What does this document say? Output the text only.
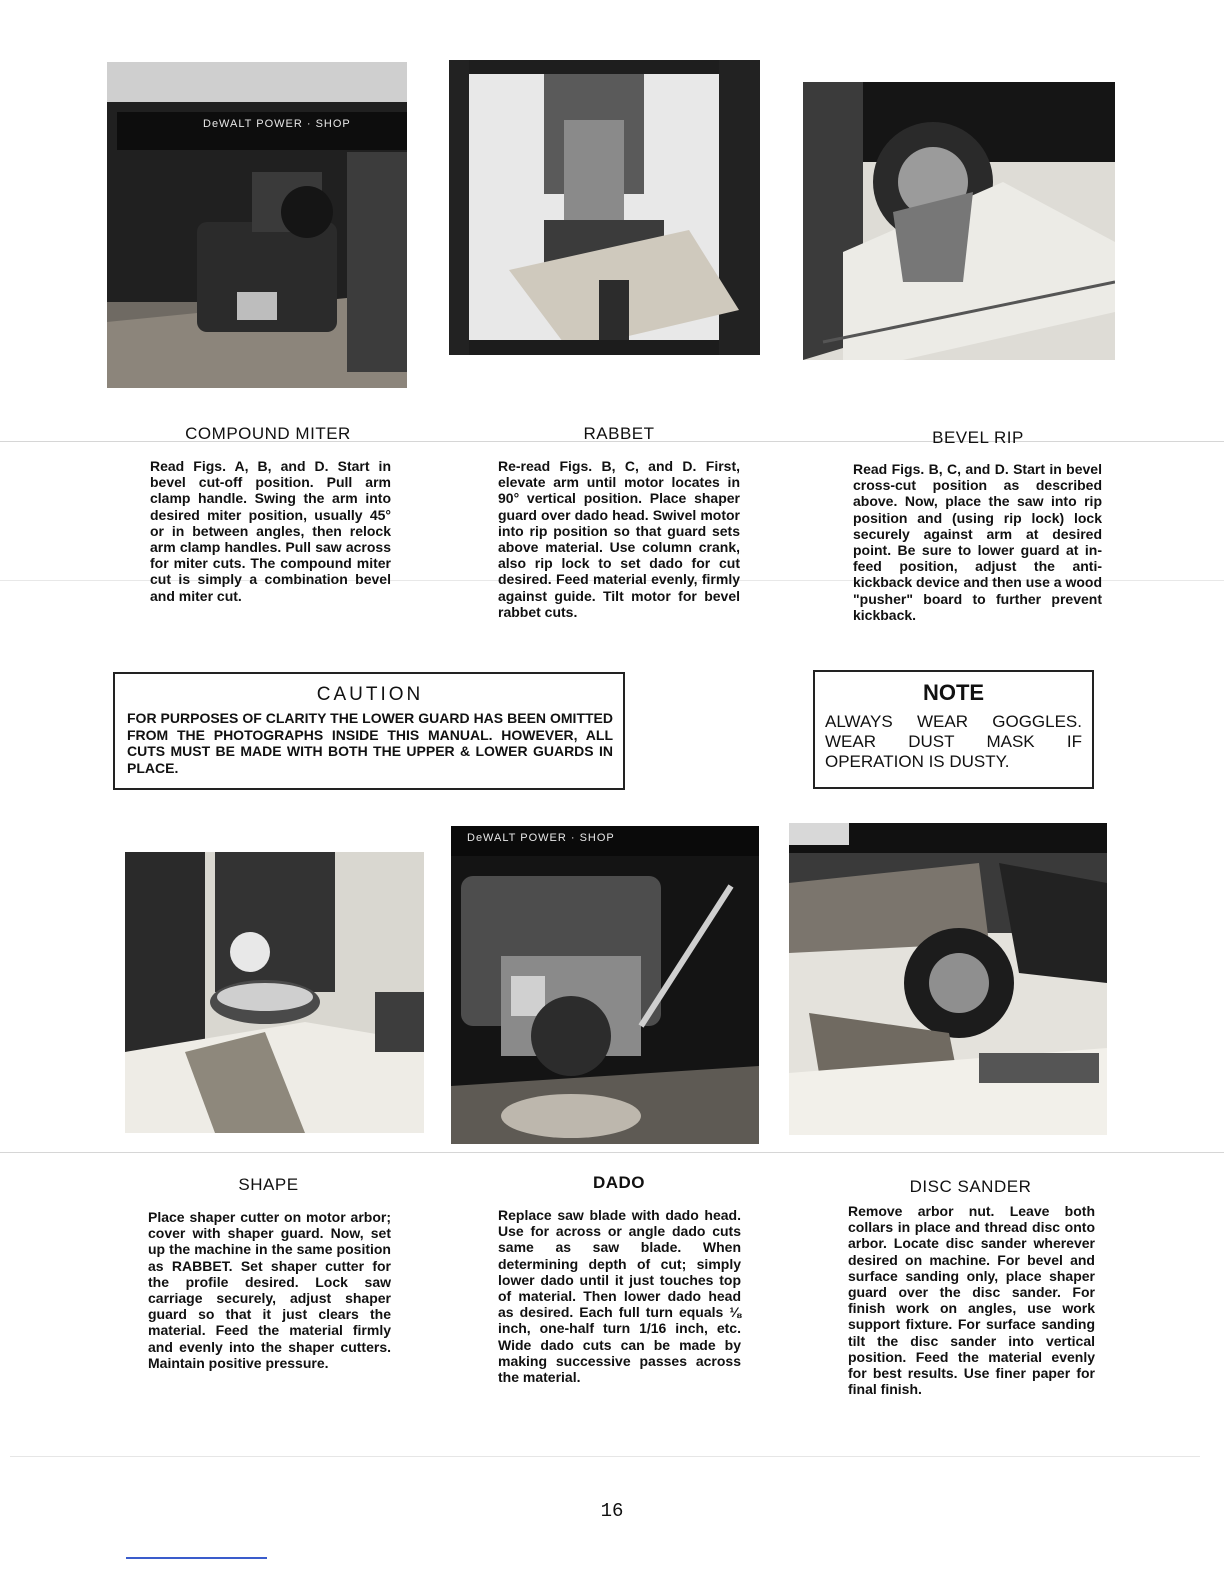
DeWALT POWER · SHOP
COMPOUND MITER

Read Figs. A, B, and D. Start in bevel cut-off position. Pull arm clamp handle. Swing the arm into desired miter position, usually 45° or in between angles, then relock arm clamp handles. Pull saw across for miter cuts. The compound miter cut is simply a combination bevel and miter cut.

RABBET

Re-read Figs. B, C, and D. First, elevate arm until motor locates in 90° vertical position. Place shaper guard over dado head. Swivel motor into rip position so that guard sets above material. Use column crank, also rip lock to set dado for cut desired. Feed material evenly, firmly against guide. Tilt motor for bevel rabbet cuts.

BEVEL RIP

Read Figs. B, C, and D. Start in bevel cross-cut position as described above. Now, place the saw into rip position and (using rip lock) lock securely against arm at desired point. Be sure to lower guard at in-feed position, adjust the anti-kickback device and then use a wood "pusher" board to further prevent kickback.

CAUTION

FOR PURPOSES OF CLARITY THE LOWER GUARD HAS BEEN OMITTED FROM THE PHOTOGRAPHS INSIDE THIS MANUAL. HOWEVER, ALL CUTS MUST BE MADE WITH BOTH THE UPPER & LOWER GUARDS IN PLACE.

NOTE

ALWAYS WEAR GOGGLES. WEAR DUST MASK IF OPERATION IS DUSTY.

DeWALT POWER · SHOP
SHAPE

Place shaper cutter on motor arbor; cover with shaper guard. Now, set up the machine in the same position as RABBET. Set shaper cutter for the profile desired. Lock saw carriage securely, adjust shaper guard so that it just clears the material. Feed the material firmly and evenly into the shaper cutters. Maintain positive pressure.

DADO

Replace saw blade with dado head. Use for across or angle dado cuts same as saw blade. When determining depth of cut; simply lower dado until it just touches top of material. Then lower dado head as desired. Each full turn equals ⅛ inch, one-half turn 1/16 inch, etc. Wide dado cuts can be made by making successive passes across the material.

DISC SANDER

Remove arbor nut. Leave both collars in place and thread disc onto arbor. Locate disc sander wherever desired on machine. For bevel and surface sanding only, place shaper guard over the disc sander. For finish work on angles, use work support fixture. For surface sanding tilt the disc sander into vertical position. Feed the material evenly for best results. Use finer paper for final finish.

16
